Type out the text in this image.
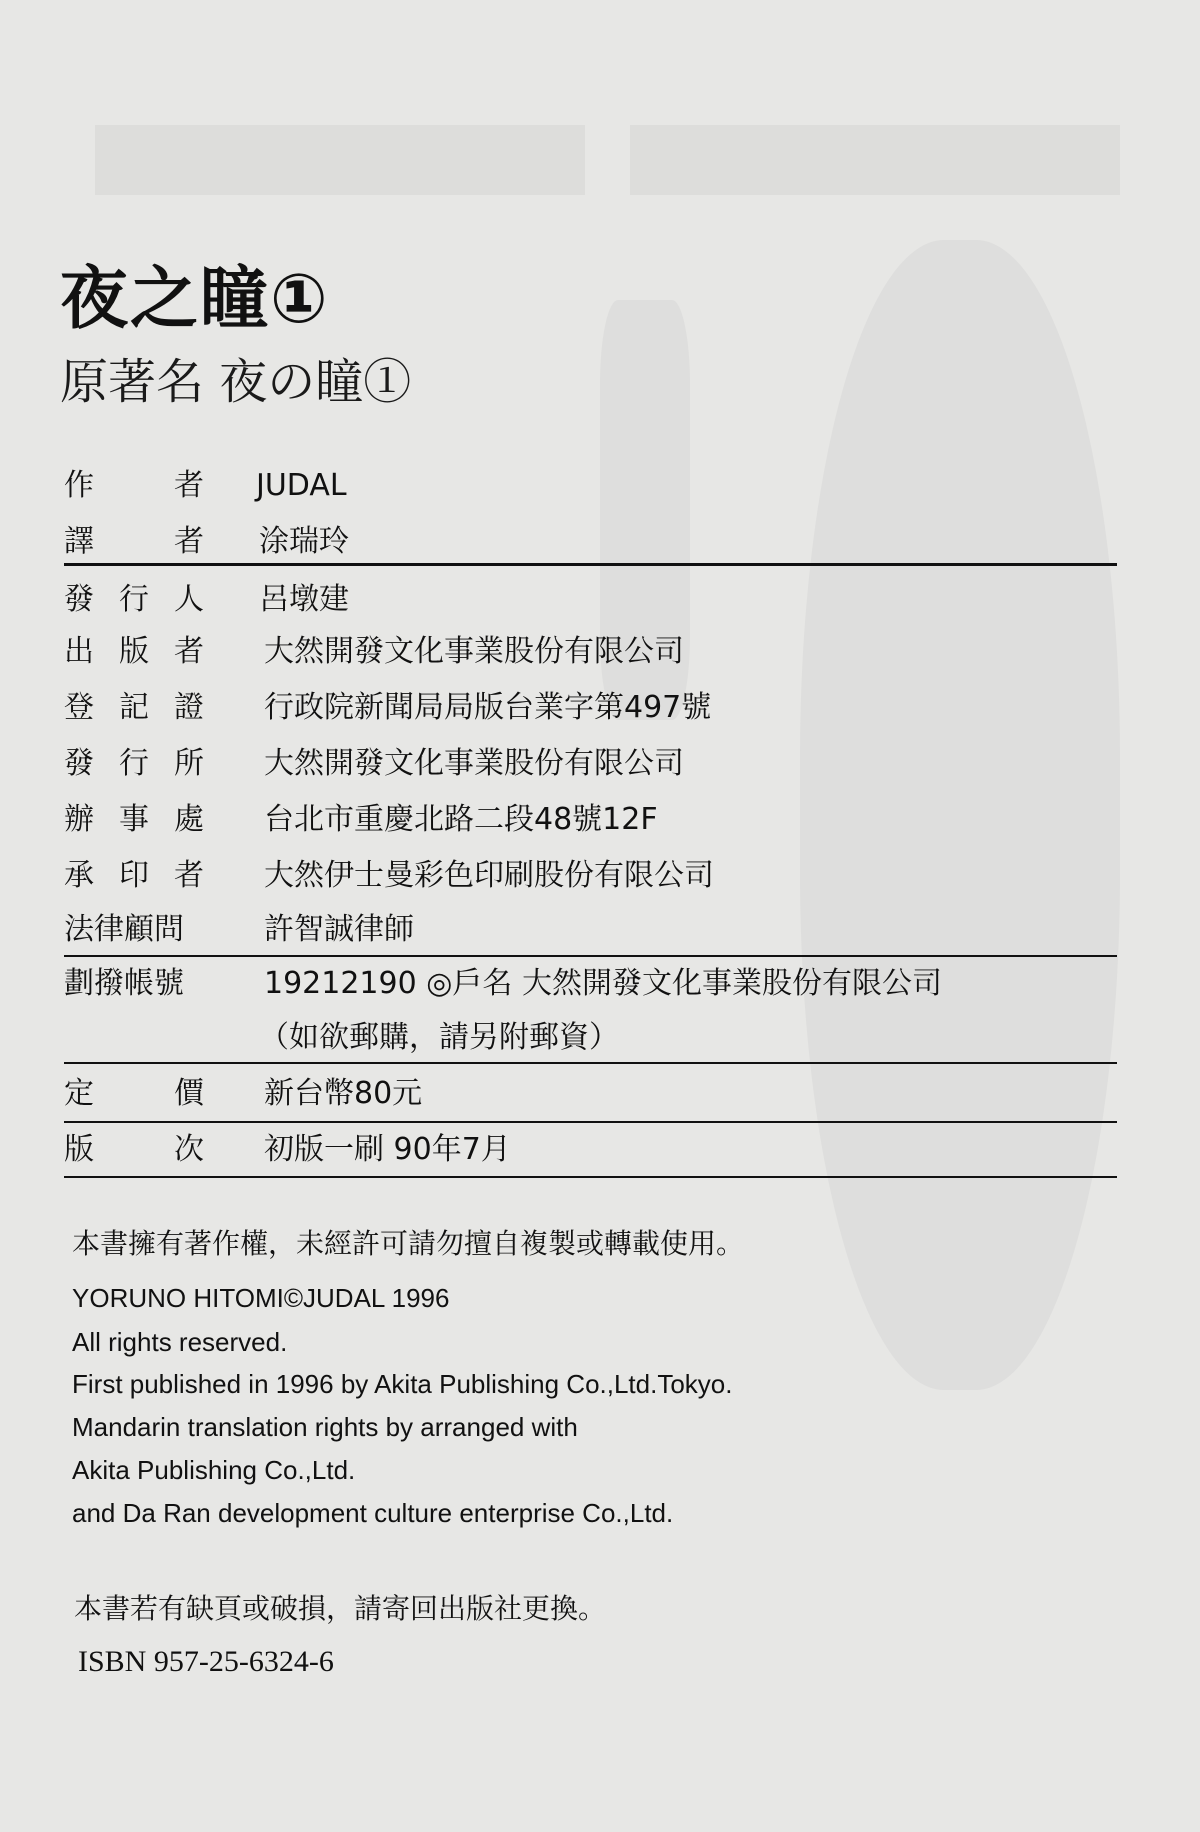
夜之瞳①
原著名 夜の瞳①
作	者 JUDAL
譯	者 涂瑞玲
發 行 人 呂墩建
出 版 者 大然開發文化事業股份有限公司
登 記 證 行政院新聞局局版台業字第497號
發 行 所 大然開發文化事業股份有限公司
辦 事 處 台北市重慶北路二段48號12F
承 印 者 大然伊士曼彩色印刷股份有限公司
法律顧問	許智誠律師
劃撥帳號	19212190 ◎戶名 大然開發文化事業股份有限公司
（如欲郵購，請另附郵資）
定	價 新台幣80元
版	次 初版一刷 90年7月
本書擁有著作權，未經許可請勿擅自複製或轉載使用。
YORUNO HITOMI©JUDAL 1996
All rights reserved.
First published in 1996 by Akita Publishing Co.,Ltd.Tokyo.
Mandarin translation rights by arranged with
Akita Publishing Co.,Ltd.
and Da Ran development culture enterprise Co.,Ltd.
本書若有缺頁或破損，請寄回出版社更換。
ISBN 957-25-6324-6
